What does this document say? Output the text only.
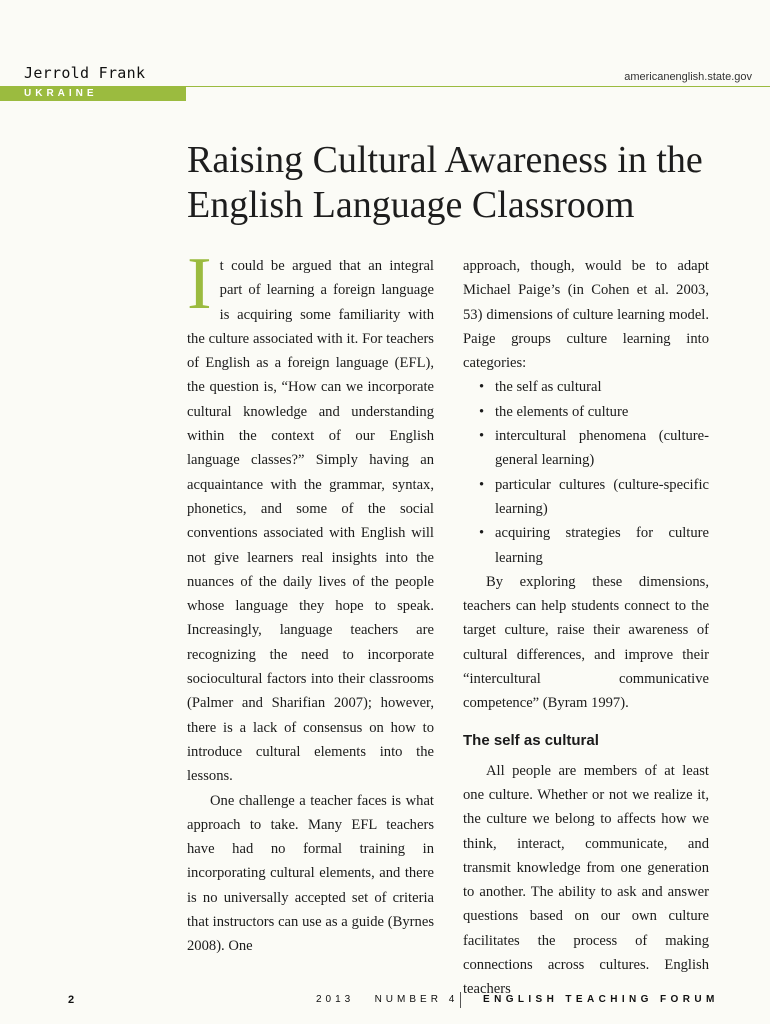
Jerrold Frank
UKRAINE
americanenglish.state.gov
Raising Cultural Awareness in the English Language Classroom

It could be argued that an integral part of learning a foreign language is acquiring some familiarity with the culture associated with it. For teachers of English as a foreign language (EFL), the question is, “How can we incorporate cultural knowledge and understanding within the context of our English language classes?” Simply having an acquaintance with the grammar, syntax, phonetics, and some of the social conventions associated with English will not give learners real insights into the nuances of the daily lives of the people whose language they hope to speak. Increasingly, language teachers are recognizing the need to incorporate sociocultural factors into their classrooms (Palmer and Sharifian 2007); however, there is a lack of consensus on how to introduce cultural elements into the lessons.

One challenge a teacher faces is what approach to take. Many EFL teachers have had no formal training in incorporating cultural elements, and there is no universally accepted set of criteria that instructors can use as a guide (Byrnes 2008). One

approach, though, would be to adapt Michael Paige’s (in Cohen et al. 2003, 53) dimensions of culture learning model. Paige groups culture learning into categories:

• the self as cultural
• the elements of culture
• intercultural phenomena (culture-general learning)
• particular cultures (culture-specific learning)
• acquiring strategies for culture learning

By exploring these dimensions, teachers can help students connect to the target culture, raise their awareness of cultural differences, and improve their “intercultural communicative competence” (Byram 1997).

The self as cultural

All people are members of at least one culture. Whether or not we realize it, the culture we belong to affects how we think, interact, communicate, and transmit knowledge from one generation to another. The ability to ask and answer questions based on our own culture facilitates the process of making connections across cultures. English teachers

2	2013   NUMBER 4 ENGLISH TEACHING FORUM
